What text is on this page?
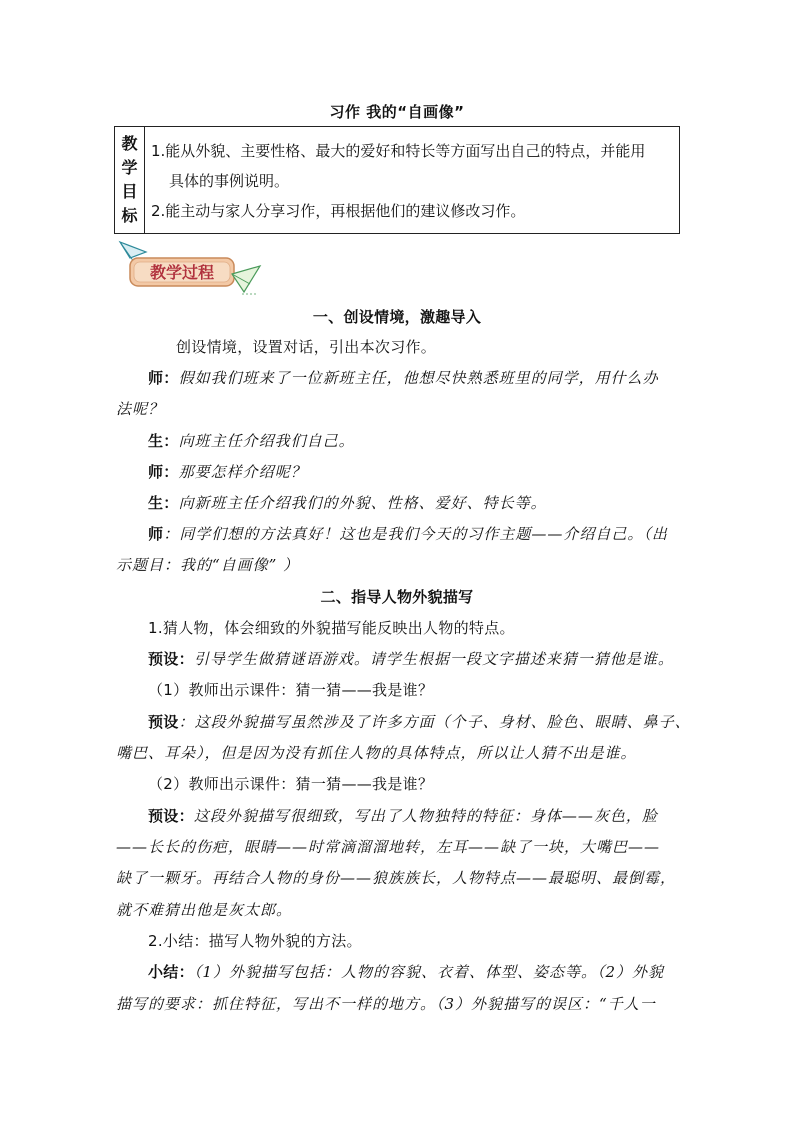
习作 我的“自画像”
教
学
目
标
1.能从外貌、主要性格、最大的爱好和特长等方面写出自己的特点，并能用
具体的事例说明。
2.能主动与家人分享习作，再根据他们的建议修改习作。
教学过程
一、创设情境，激趣导入
创设情境，设置对话，引出本次习作。
师：假如我们班来了一位新班主任，他想尽快熟悉班里的同学，用什么办
法呢？
生：向班主任介绍我们自己。
师：那要怎样介绍呢？
生：向新班主任介绍我们的外貌、性格、爱好、特长等。
师：同学们想的方法真好！这也是我们今天的习作主题——介绍自己。（出
示题目：我的“自画像” ）
二、指导人物外貌描写
1.猜人物，体会细致的外貌描写能反映出人物的特点。
预设：引导学生做猜谜语游戏。请学生根据一段文字描述来猜一猜他是谁。
（1）教师出示课件：猜一猜——我是谁？
预设：这段外貌描写虽然涉及了许多方面（个子、身材、脸色、眼睛、鼻子、
嘴巴、耳朵），但是因为没有抓住人物的具体特点，所以让人猜不出是谁。
（2）教师出示课件：猜一猜——我是谁？
预设：这段外貌描写很细致，写出了人物独特的特征：身体——灰色，脸
——长长的伤疤，眼睛——时常滴溜溜地转，左耳——缺了一块，大嘴巴——
缺了一颗牙。再结合人物的身份——狼族族长，人物特点——最聪明、最倒霉，
就不难猜出他是灰太郎。
2.小结：描写人物外貌的方法。
小结：（1）外貌描写包括：人物的容貌、衣着、体型、姿态等。（2）外貌
描写的要求：抓住特征，写出不一样的地方。（3）外貌描写的误区：“千人一
